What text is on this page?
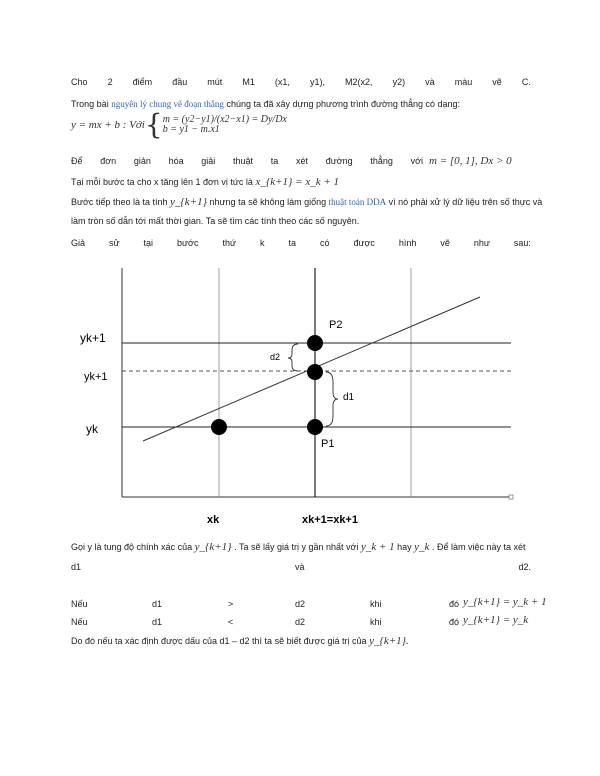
Cho 2 điểm đầu mút M1 (x1, y1), M2(x2, y2) và màu vẽ C.
Trong bài nguyên lý chung vẽ đoạn thẳng chúng ta đã xây dựng phương trình đường thẳng có dạng:
y = mx + b : Với { m = (y2−y1)/(x2−x1) = Dy/Dx
b = y1 − m.x1
Để đơn giản hóa giải thuật ta xét đường thẳng với m = [0, 1], Dx > 0
Tại mỗi bước ta cho x tăng lên 1 đơn vị tức là x_{k+1} = x_k + 1
Bước tiếp theo là ta tính y_{k+1} nhưng ta sẽ không làm giống thuật toán DDA vì nó phải xử lý dữ liệu trên số thực và
làm tròn số dẫn tới mất thời gian. Ta sẽ tìm các tính theo các số nguyên.
Giả	sử	tại	bước	thứ	k	ta	có	được	hình	vẽ	như	sau:
yk+1
yk+1
yk
P2
P1
d2
d1
xk	xk+1=xk+1
Gọi y là tung độ chính xác của y_{k+1} . Ta sẽ lấy giá trị y gần nhất với y_k + 1 hay y_k . Để làm việc này ta xét
d1	và	d2.
Nếu	d1	>	d2	khi	đó y_{k+1} = y_k + 1
Nếu	d1	<	d2	khi	đó y_{k+1} = y_k
Do đó nếu ta xác định được dấu của d1 – d2 thì ta sẽ biết được giá trị của y_{k+1}.
